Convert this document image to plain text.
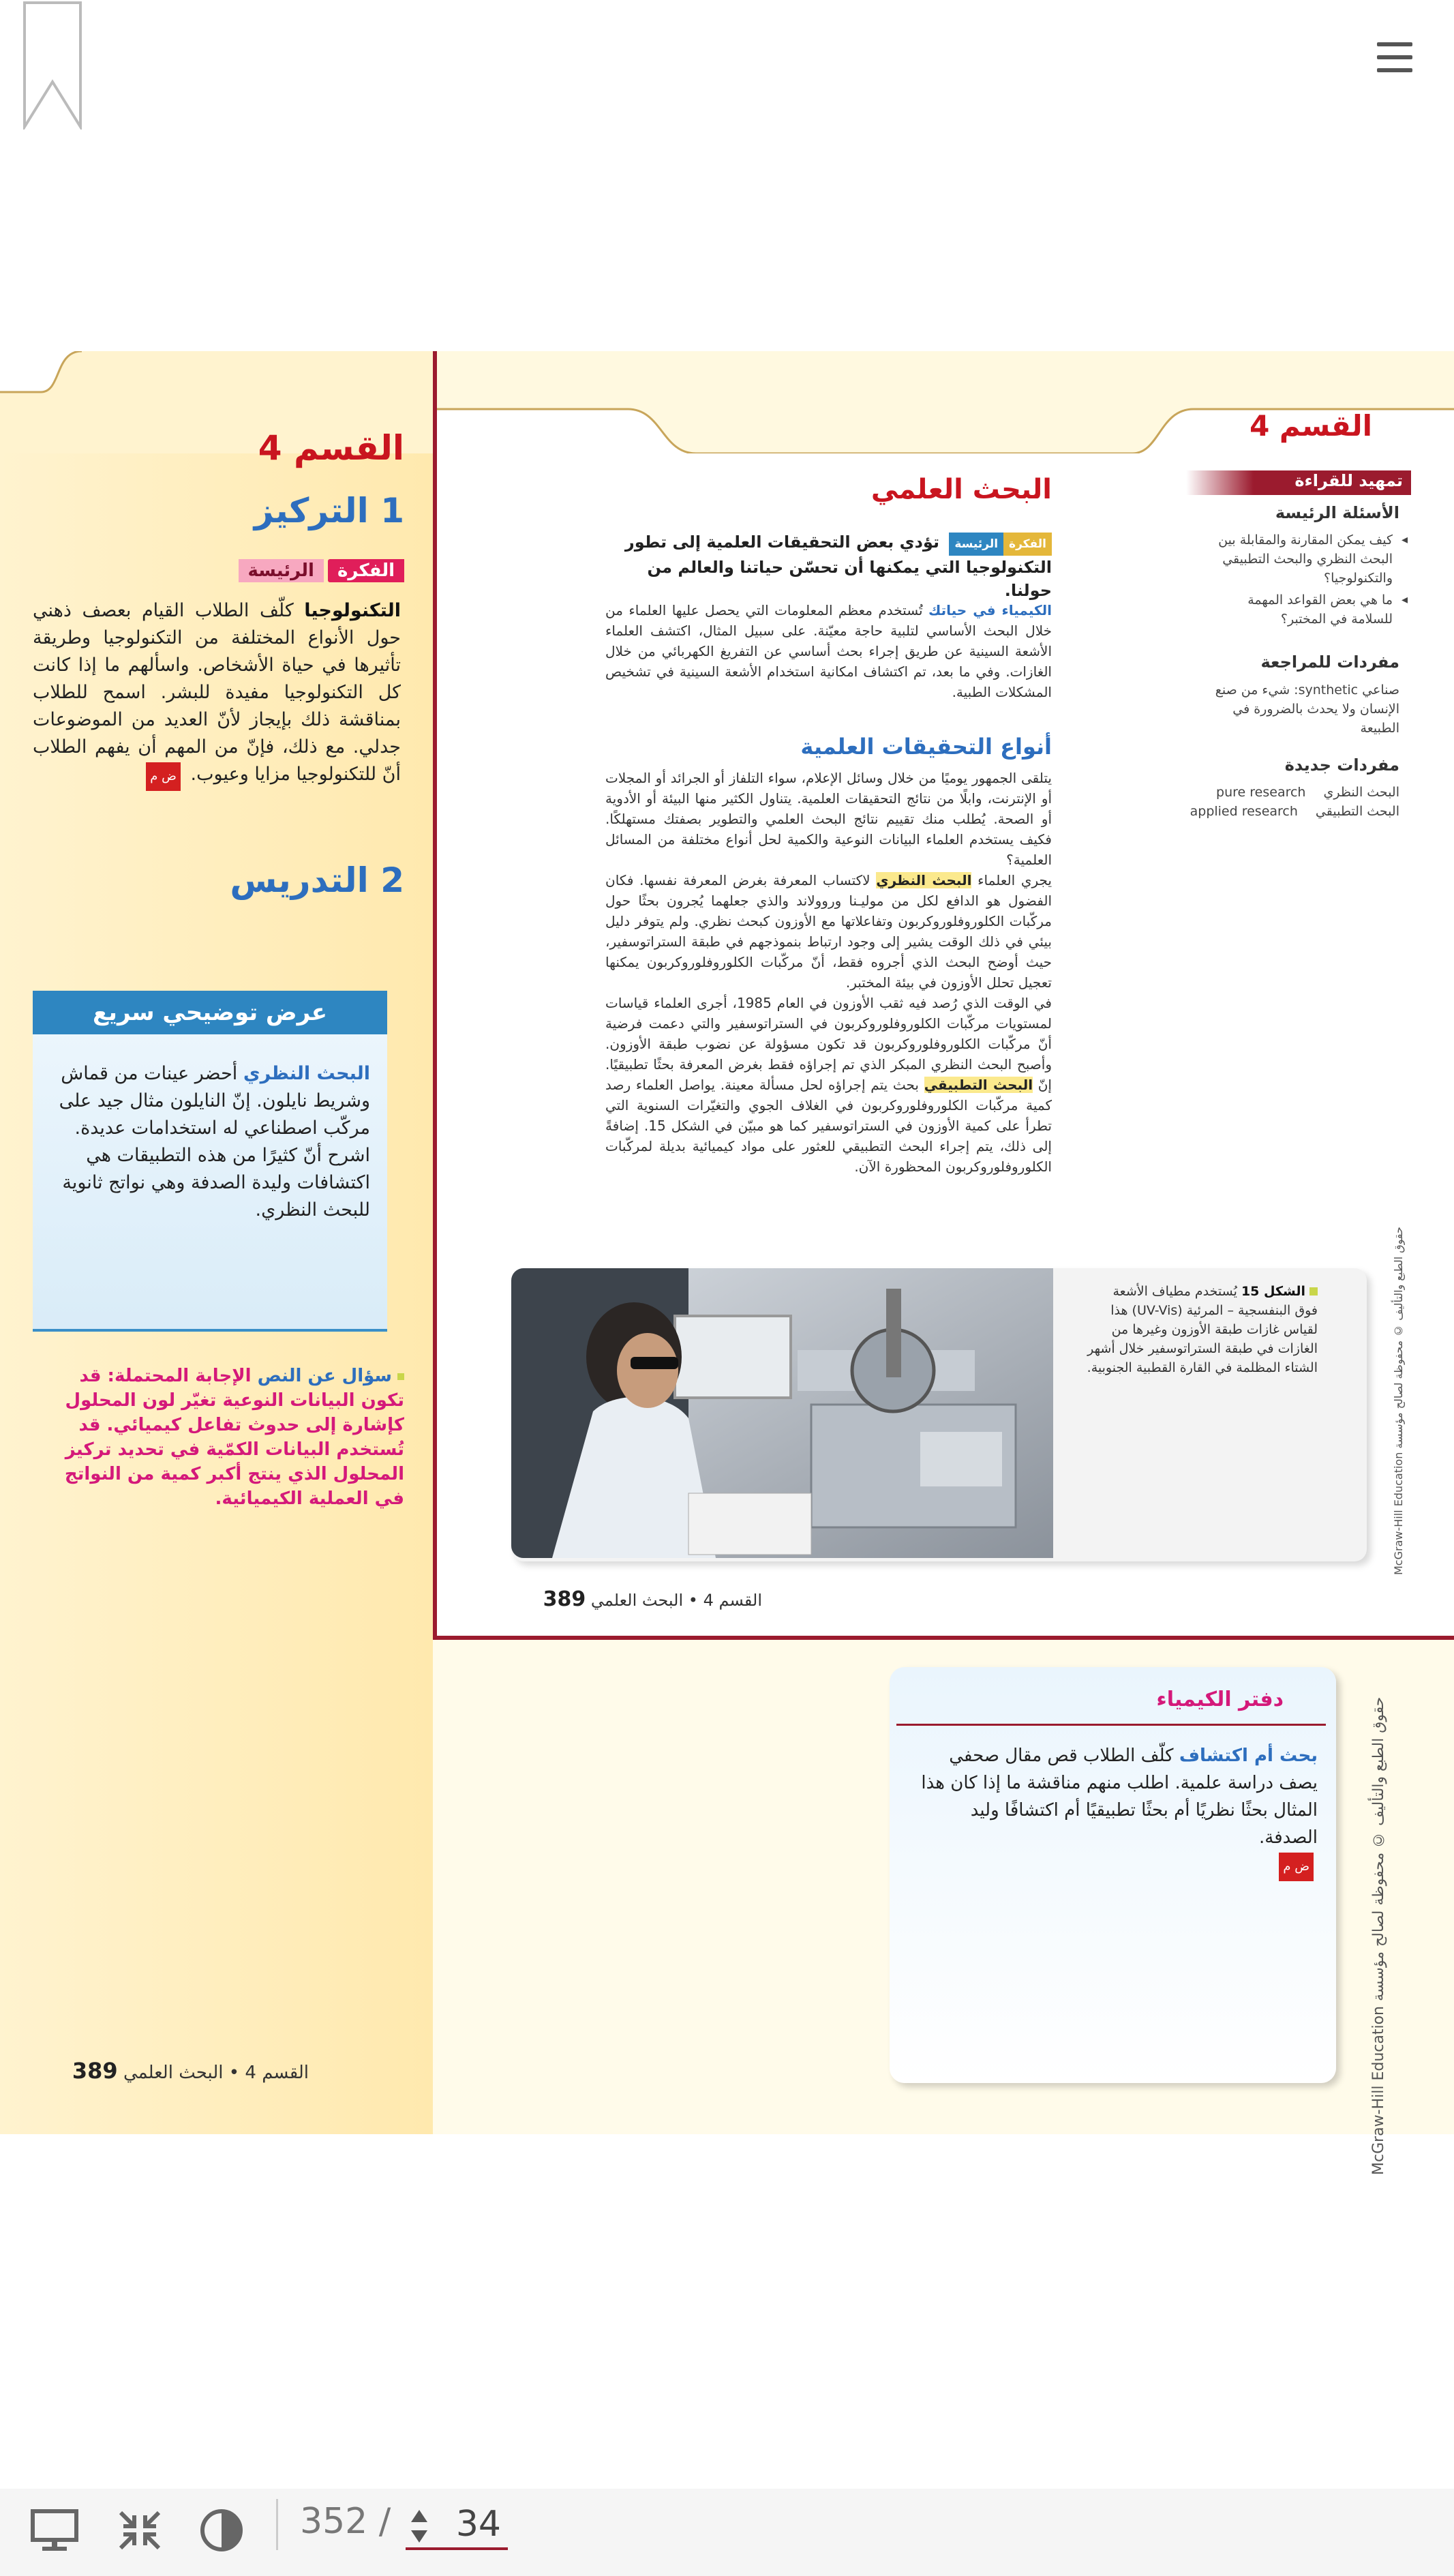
القسم 4
1 التركيز
الفكرة
الرئيسة
التكنولوجيا كلّف الطلاب القيام بعصف ذهني حول الأنواع المختلفة من التكنولوجيا وطريقة تأثيرها في حياة الأشخاص. واسألهم ما إذا كانت كل التكنولوجيا مفيدة للبشر. اسمح للطلاب بمناقشة ذلك بإيجاز لأنّ العديد من الموضوعات جدلي. مع ذلك، فإنّ من المهم أن يفهم الطلاب أنّ للتكنولوجيا مزايا وعيوب. ض م
2 التدريس
عرض توضيحي سريع
البحث النظري أحضر عينات من قماش وشريط نايلون. إنّ النايلون مثال جيد على مركّب اصطناعي له استخدامات عديدة. اشرح أنّ كثيرًا من هذه التطبيقات هي اكتشافات وليدة الصدفة وهي نواتج ثانوية للبحث النظري.
سؤال عن النص الإجابة المحتملة: قد تكون البيانات النوعية تغيّر لون المحلول كإشارة إلى حدوث تفاعل كيميائي. قد تُستخدم البيانات الكمّية في تحديد تركيز المحلول الذي ينتج أكبر كمية من النواتج في العملية الكيميائية.
القسم 4
تمهيد للقراءة
الأسئلة الرئيسة
◂ كيف يمكن المقارنة والمقابلة بين البحث النظري والبحث التطبيقي والتكنولوجيا؟
◂ ما هي بعض القواعد المهمة للسلامة في المختبر؟
مفردات للمراجعة
صناعي synthetic: شيء من صنع الإنسان ولا يحدث بالضرورة في الطبيعة
مفردات جديدة
البحث النظري
pure research
البحث التطبيقي
applied research
البحث العلمي
الفكرةالرئيسة تؤدي بعض التحقيقات العلمية إلى تطور التكنولوجيا التي يمكنها أن تحسّن حياتنا والعالم من حولنا.
الكيمياء في حياتك تُستخدم معظم المعلومات التي يحصل عليها العلماء من خلال البحث الأساسي لتلبية حاجة معيّنة. على سبيل المثال، اكتشف العلماء الأشعة السينية عن طريق إجراء بحث أساسي عن التفريغ الكهربائي من خلال الغازات. وفي ما بعد، تم اكتشاف امكانية استخدام الأشعة السينية في تشخيص المشكلات الطبية.
أنواع التحقيقات العلمية

يتلقى الجمهور يوميًا من خلال وسائل الإعلام، سواء التلفاز أو الجرائد أو المجلات أو الإنترنت، وابلًا من نتائج التحقيقات العلمية. يتناول الكثير منها البيئة أو الأدوية أو الصحة. يُطلب منك تقييم نتائج البحث العلمي والتطوير بصفتك مستهلكًا. فكيف يستخدم العلماء البيانات النوعية والكمية لحل أنواع مختلفة من المسائل العلمية؟

يجري العلماء البحث النظري لاكتساب المعرفة بغرض المعرفة نفسها. فكان الفضول هو الدافع لكل من موليـنا وروولاند والذي جعلهما يُجرون بحثًا حول مركّبات الكلوروفلوروكربون وتفاعلاتها مع الأوزون كبحث نظري. ولم يتوفر دليل بيئي في ذلك الوقت يشير إلى وجود ارتباط بنموذجهم في طبقة الستراتوسفير، حيث أوضح البحث الذي أجروه فقط، أنّ مركّبات الكلوروفلوروكربون يمكنها تعجيل تحلل الأوزون في بيئة المختبر.

في الوقت الذي رُصد فيه ثقب الأوزون في العام 1985، أجرى العلماء قياسات لمستويات مركّبات الكلوروفلوروكربون في الستراتوسفير والتي دعمت فرضية أنّ مركّبات الكلوروفلوروكربون قد تكون مسؤولة عن نضوب طبقة الأوزون. وأصبح البحث النظري المبكر الذي تم إجراؤه فقط بغرض المعرفة بحثًا تطبيقيًا. إنّ البحث التطبيقي بحث يتم إجراؤه لحل مسألة معينة. يواصل العلماء رصد كمية مركّبات الكلوروفلوروكربون في الغلاف الجوي والتغيّرات السنوية التي تطرأ على كمية الأوزون في الستراتوسفير كما هو مبيّن في الشكل 15. إضافةً إلى ذلك، يتم إجراء البحث التطبيقي للعثور على مواد كيميائية بديلة لمركّبات الكلوروفلوروكربون المحظورة الآن.

الشكل 15 يُستخدم مطياف الأشعة فوق البنفسجية – المرئية (UV-Vis) هذا لقياس غازات طبقة الأوزون وغيرها من الغازات في طبقة الستراتوسفير خلال أشهر الشتاء المظلمة في القارة القطبية الجنوبية.
McGraw-Hill Education حقوق الطبع والتأليف © محفوظة لصالح مؤسسة
القسم 4 • البحث العلمي 389
دفتر الكيمياء
بحث أم اكتشاف كلّف الطلاب قص مقال صحفي يصف دراسة علمية. اطلب منهم مناقشة ما إذا كان هذا المثال بحثًا نظريًا أم بحثًا تطبيقيًا أم اكتشافًا وليد الصدفة.
ض م
McGraw-Hill Education حقوق الطبع والتأليف © محفوظة لصالح مؤسسة
القسم 4 • البحث العلمي 389
352 /
34
